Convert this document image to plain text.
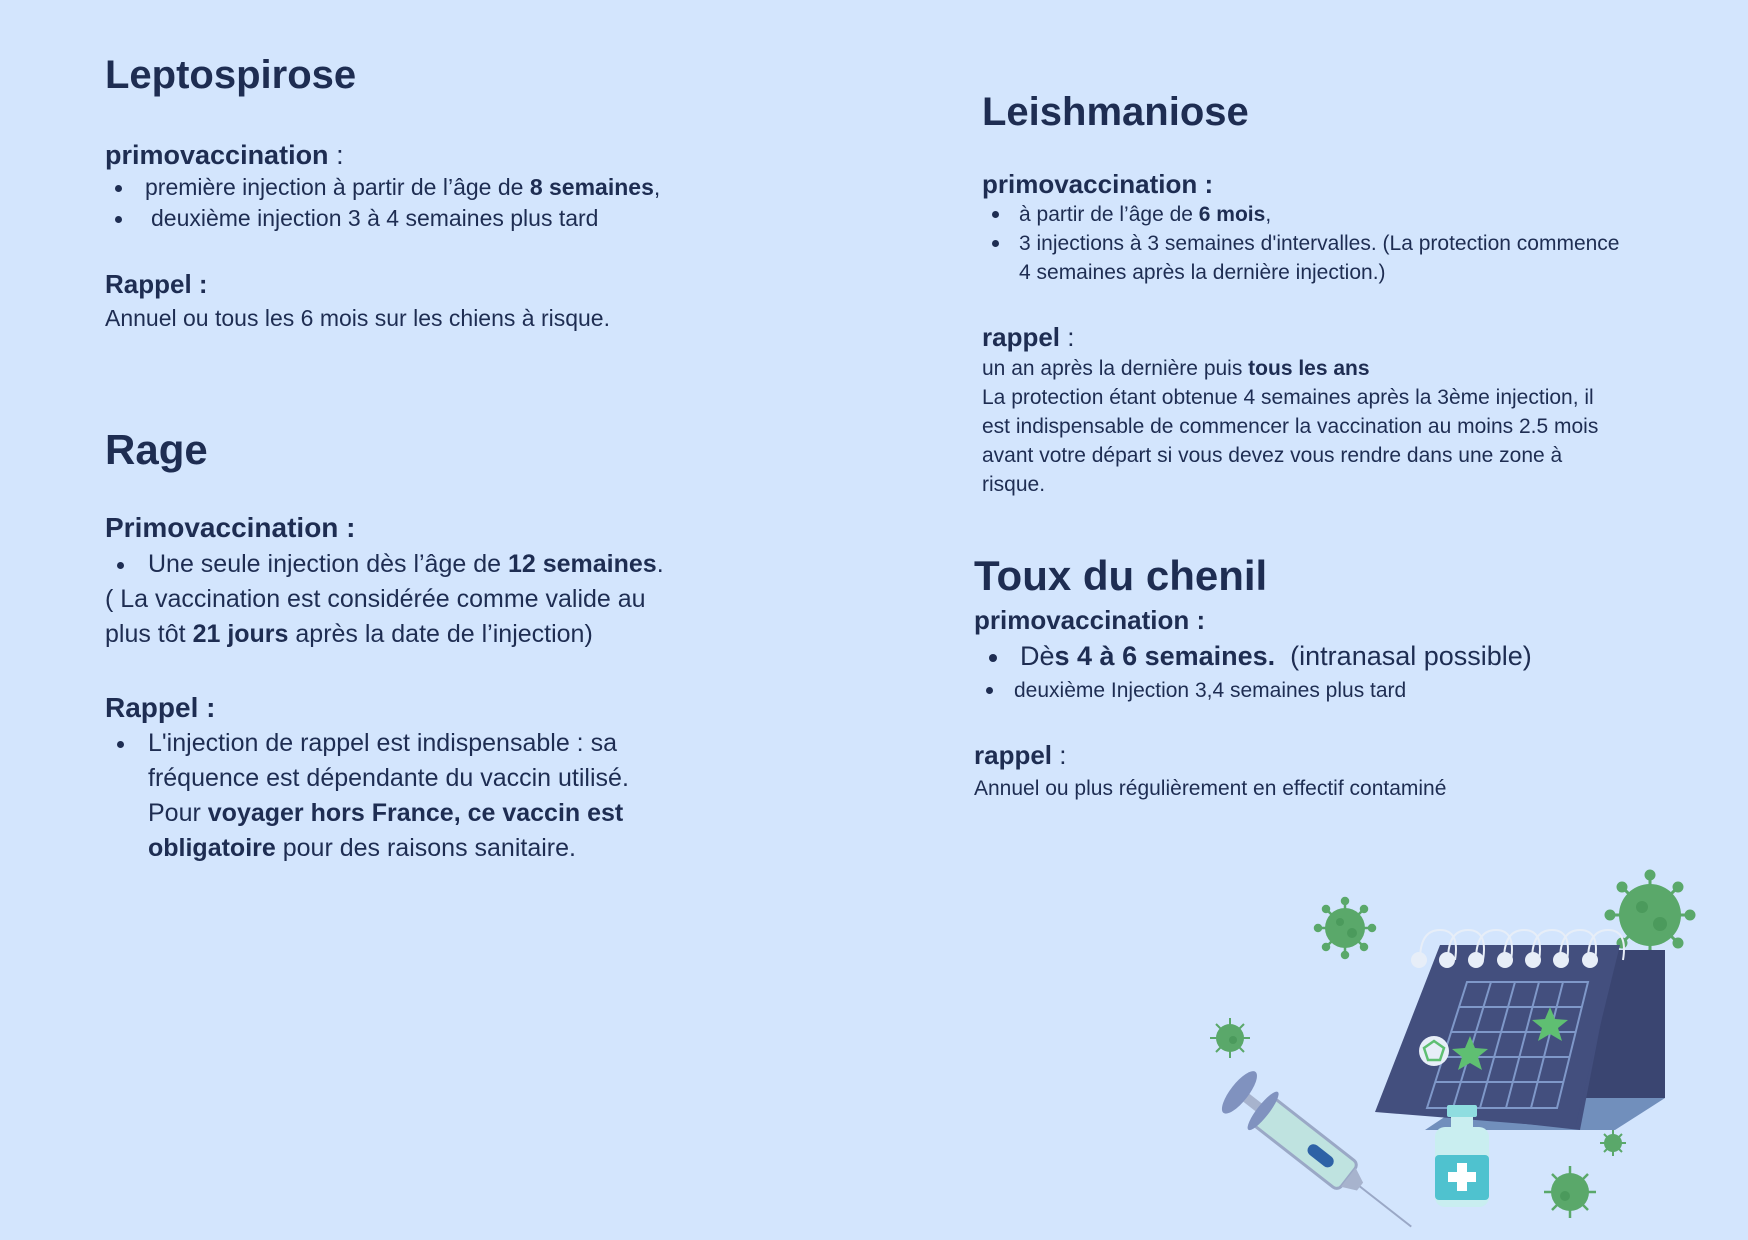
Leptospirose
primovaccination :
première injection à partir de l’âge de 8 semaines,
deuxième injection 3 à 4 semaines plus tard
Rappel :
Annuel ou tous les 6 mois sur les chiens à risque.
Rage
Primovaccination :
Une seule injection dès l’âge de 12 semaines.
( La vaccination est considérée comme valide au
plus tôt 21 jours après la date de l’injection)
Rappel :
L'injection de rappel est indispensable : sa
fréquence est dépendante du vaccin utilisé.
Pour voyager hors France, ce vaccin est
obligatoire pour des raisons sanitaire.
Leishmaniose
primovaccination :
à partir de l’âge de 6 mois,
3 injections à 3 semaines d'intervalles. (La protection commence
4 semaines après la dernière injection.)
rappel :
un an après la dernière puis tous les ans
La protection étant obtenue 4 semaines après la 3ème injection, il
est indispensable de commencer la vaccination au moins 2.5 mois
avant votre départ si vous devez vous rendre dans une zone à
risque.
Toux du chenil
primovaccination :
Dès 4 à 6 semaines.  (intranasal possible)
deuxième Injection 3,4 semaines plus tard
rappel :
Annuel ou plus régulièrement en effectif contaminé
